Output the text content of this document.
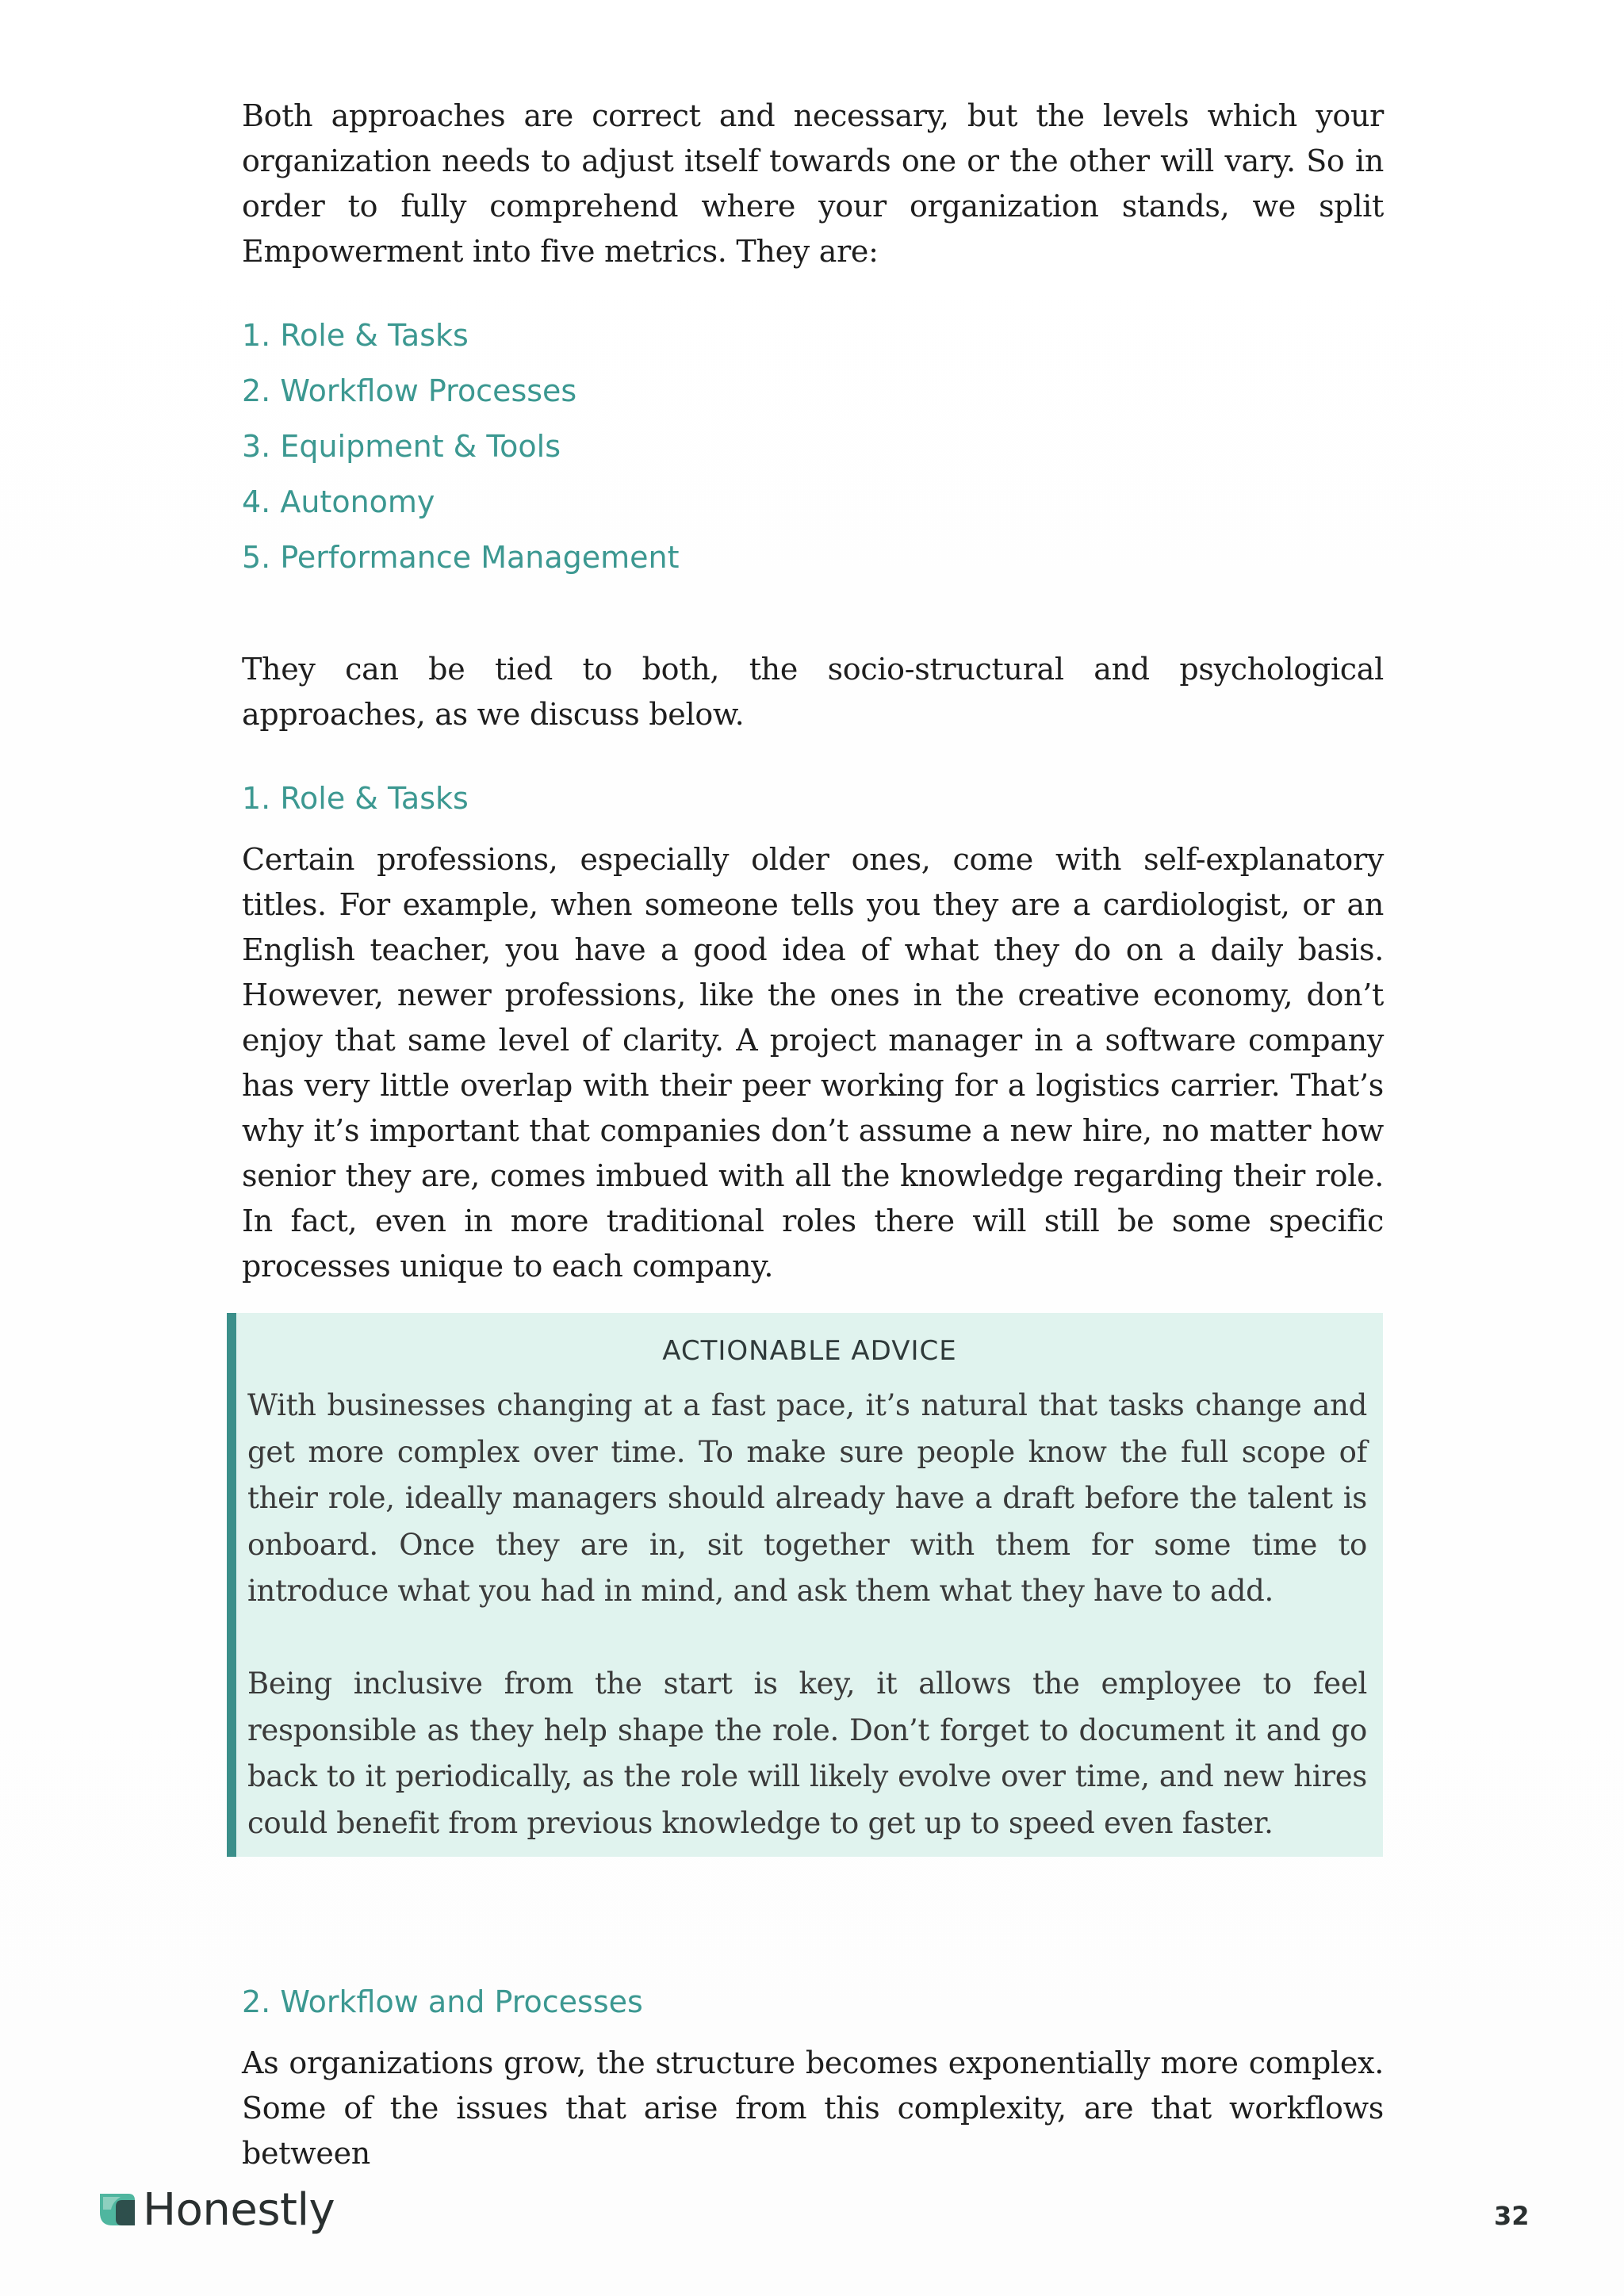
Both approaches are correct and necessary, but the levels which your organization needs to adjust itself towards one or the other will vary. So in order to fully comprehend where your organization stands, we split Empowerment into five metrics. They are:

1. Role & Tasks
2. Workflow Processes
3. Equipment & Tools
4. Autonomy
5. Performance Management

They can be tied to both, the socio-structural and psychological approaches, as we discuss below.

1. Role & Tasks

Certain professions, especially older ones, come with self-explanatory titles. For example, when someone tells you they are a cardiologist, or an English teacher, you have a good idea of what they do on a daily basis. However, newer professions, like the ones in the creative economy, don’t enjoy that same level of clarity. A project manager in a software company has very little overlap with their peer working for a logistics carrier. That’s why it’s important that companies don’t assume a new hire, no matter how senior they are, comes imbued with all the knowledge regarding their role. In fact, even in more traditional roles there will still be some specific processes unique to each company.

ACTIONABLE ADVICE

With businesses changing at a fast pace, it’s natural that tasks change and get more complex over time. To make sure people know the full scope of their role, ideally managers should already have a draft before the talent is onboard. Once they are in, sit together with them for some time to introduce what you had in mind, and ask them what they have to add.

Being inclusive from the start is key, it allows the employee to feel responsible as they help shape the role. Don’t forget to document it and go back to it periodically, as the role will likely evolve over time, and new hires could benefit from previous knowledge to get up to speed even faster.

2. Workflow and Processes

As organizations grow, the structure becomes exponentially more complex. Some of the issues that arise from this complexity, are that workflows between

Honestly	32
